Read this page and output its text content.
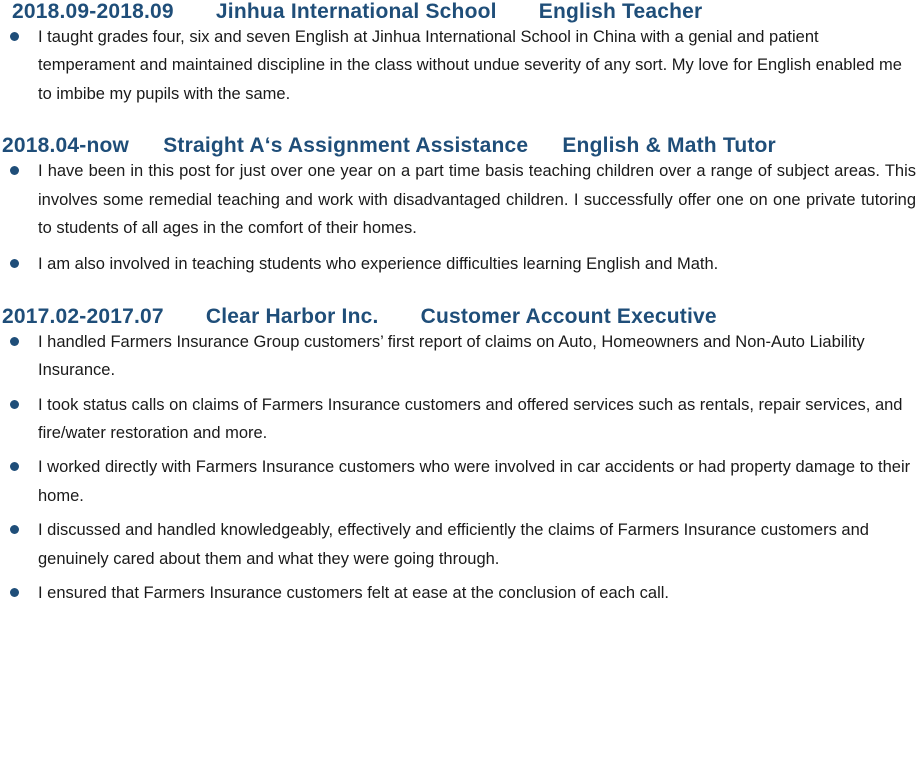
2018.09-2018.09 Jinhua International School English Teacher
I taught grades four, six and seven English at Jinhua International School in China with a genial and patient temperament and maintained discipline in the class without undue severity of any sort. My love for English enabled me to imbibe my pupils with the same.
2018.04-now Straight A‘s Assignment Assistance English & Math Tutor
I have been in this post for just over one year on a part time basis teaching children over a range of subject areas. This involves some remedial teaching and work with disadvantaged children. I successfully offer one on one private tutoring to students of all ages in the comfort of their homes.
I am also involved in teaching students who experience difficulties learning English and Math.
2017.02-2017.07 Clear Harbor Inc. Customer Account Executive
I handled Farmers Insurance Group customers’ first report of claims on Auto, Homeowners and Non-Auto Liability Insurance.
I took status calls on claims of Farmers Insurance customers and offered services such as rentals, repair services, and fire/water restoration and more.
I worked directly with Farmers Insurance customers who were involved in car accidents or had property damage to their home.
I discussed and handled knowledgeably, effectively and efficiently the claims of Farmers Insurance customers and genuinely cared about them and what they were going through.
I ensured that Farmers Insurance customers felt at ease at the conclusion of each call.
